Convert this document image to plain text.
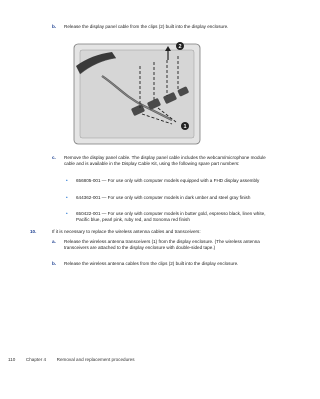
b.	Release the display panel cable from the clips (2) built into the display enclosure.
2
1
c.	Remove the display panel cable. The display panel cable includes the webcam/microphone module cable and is available in the Display Cable Kit, using the following spare part numbers:
•	656805-001 — For use only with computer models equipped with a FHD display assembly
•	644362-001 — For use only with computer models in dark umber and steel gray finish
•	650422-001 — For use only with computer models in butter gold, espresso black, linen white, Pacific blue, pearl pink, ruby red, and Sonoma red finish
10.	If it is necessary to replace the wireless antenna cables and transceivers:
a.	Release the wireless antenna transceivers (1) from the display enclosure. (The wireless antenna transceivers are attached to the display enclosure with double-sided tape.)
b.	Release the wireless antenna cables from the clips (2) built into the display enclosure.
110 Chapter 4 Removal and replacement procedures
